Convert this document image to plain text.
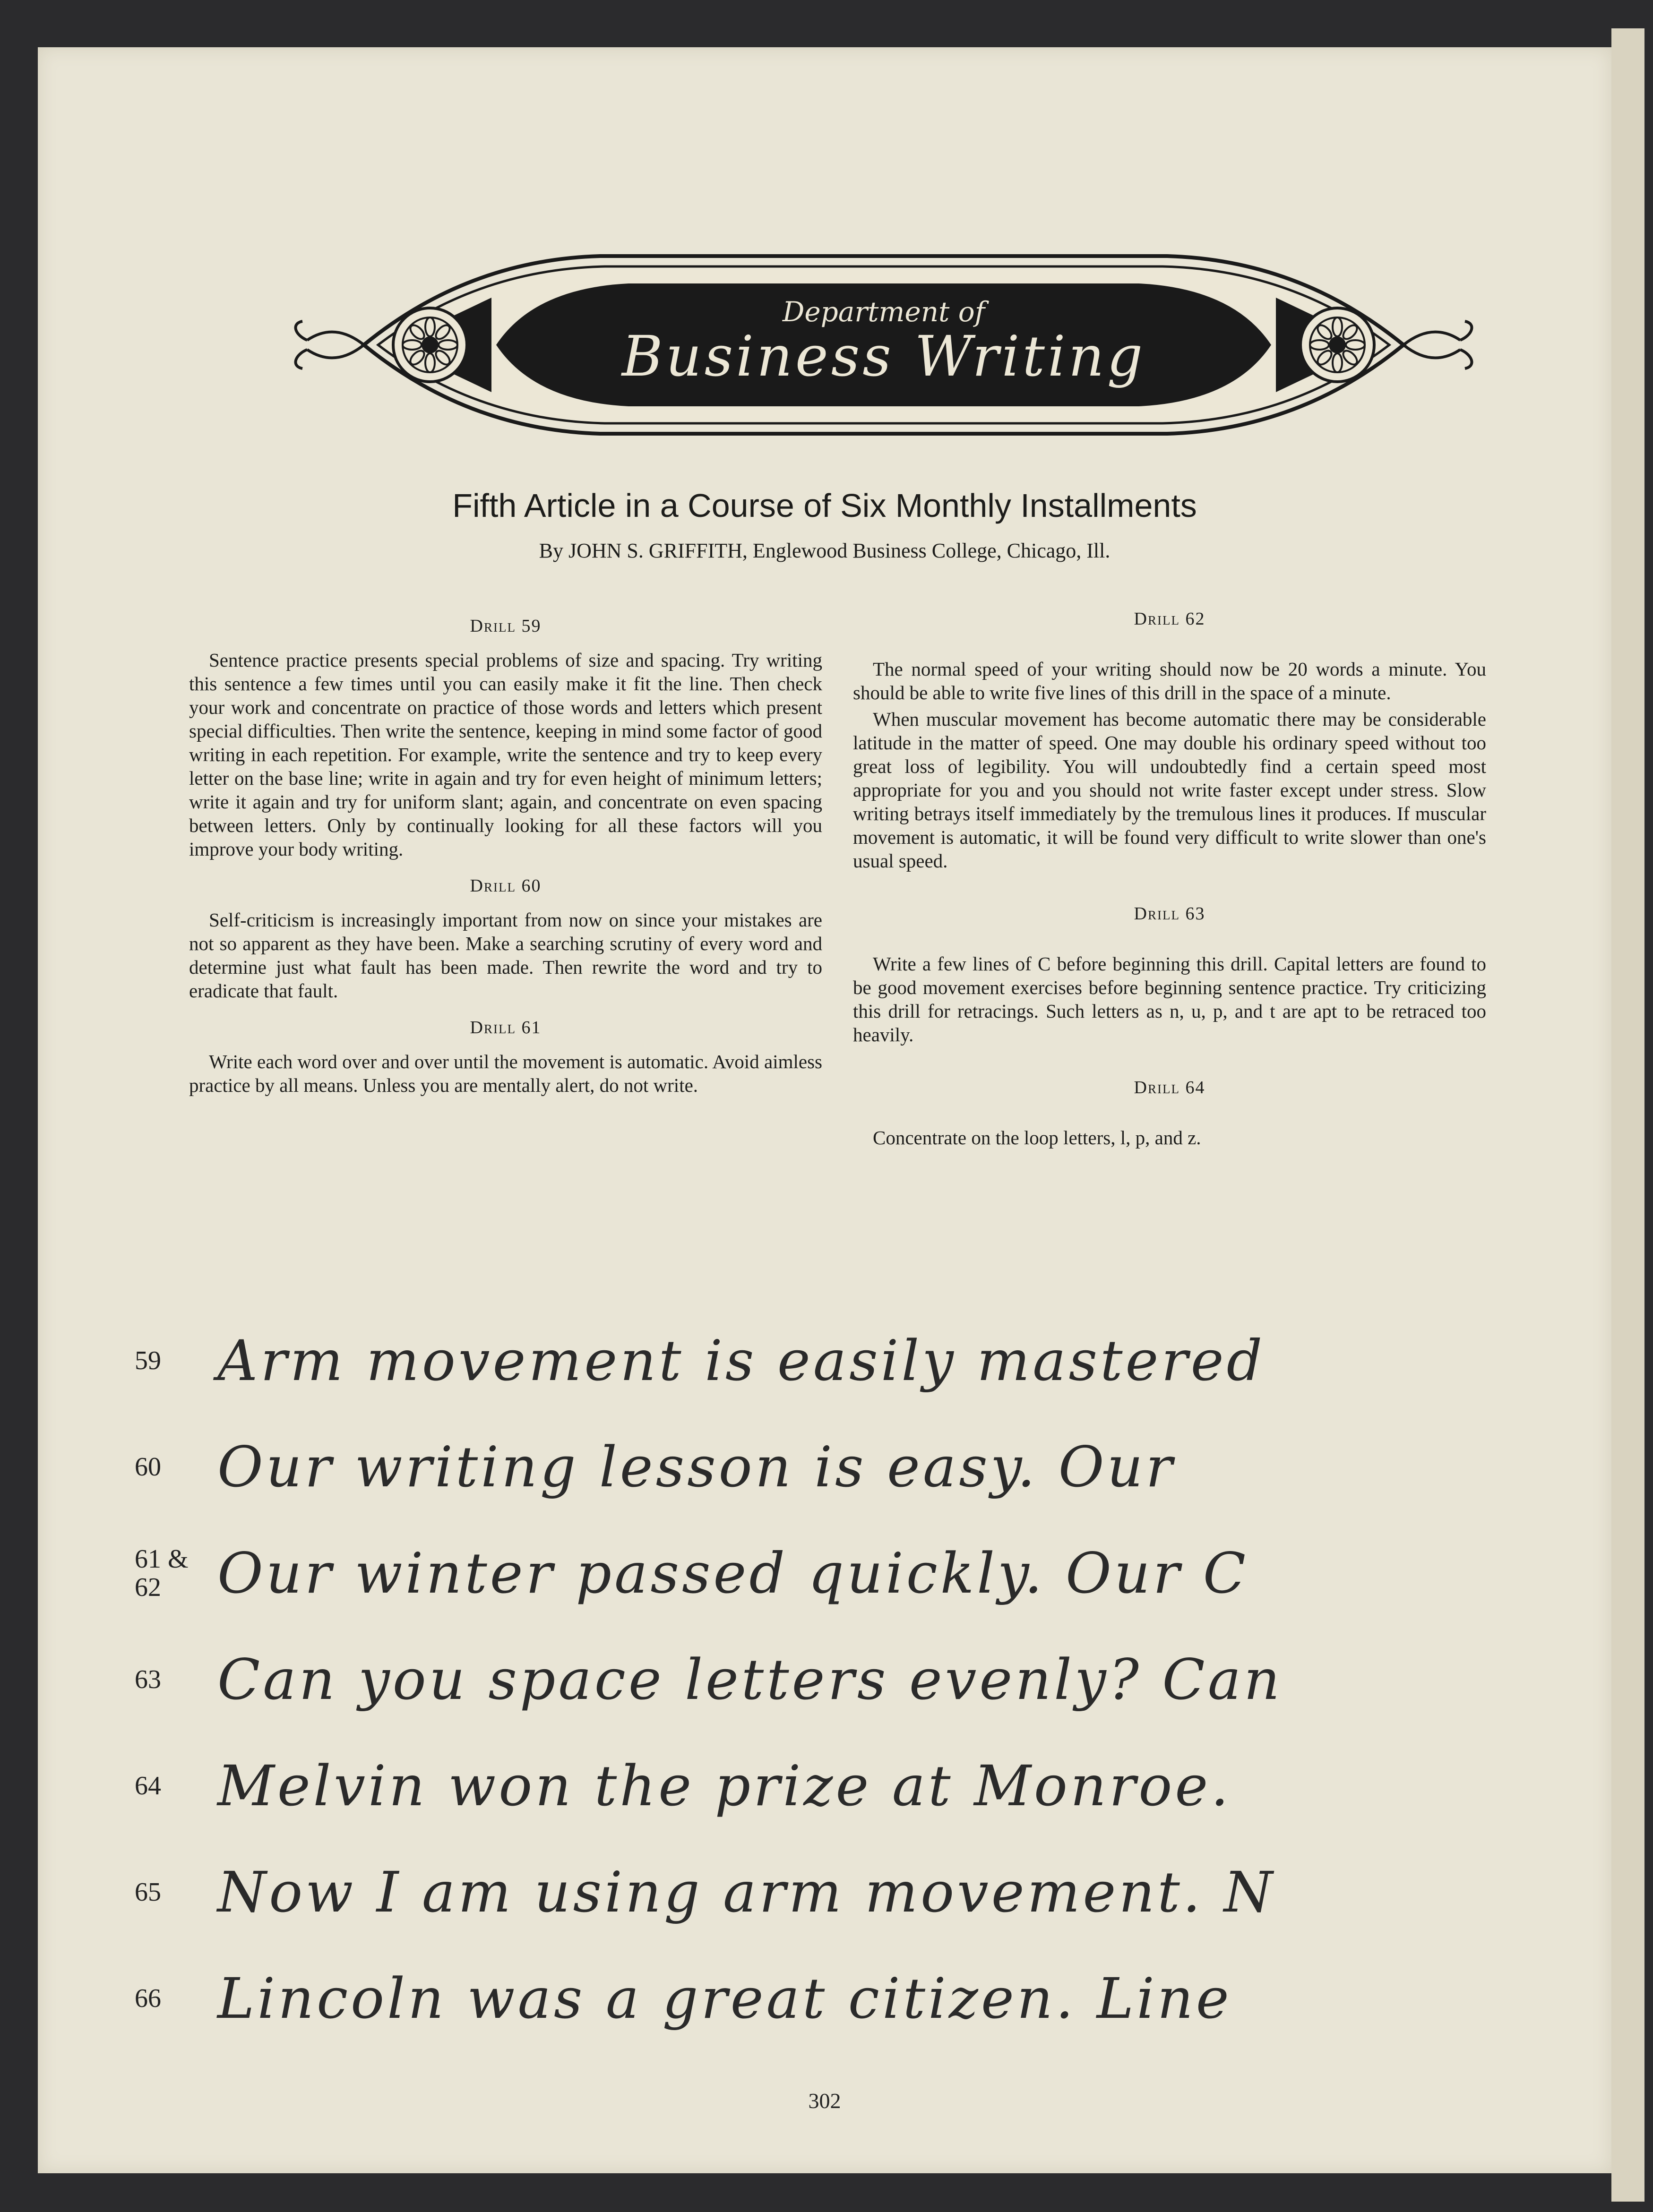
Department of
Business Writing
Fifth Article in a Course of Six Monthly Installments
By JOHN S. GRIFFITH, Englewood Business College, Chicago, Ill.
Drill 59

Sentence practice presents special problems of size and spacing. Try writing this sentence a few times until you can easily make it fit the line. Then check your work and concentrate on practice of those words and letters which present special difficulties. Then write the sentence, keeping in mind some factor of good writing in each repetition. For example, write the sentence and try to keep every letter on the base line; write in again and try for even height of minimum letters; write it again and try for uniform slant; again, and concentrate on even spacing between letters. Only by continually looking for all these factors will you improve your body writing.

Drill 60

Self-criticism is increasingly important from now on since your mistakes are not so apparent as they have been. Make a searching scrutiny of every word and determine just what fault has been made. Then rewrite the word and try to eradicate that fault.

Drill 61

Write each word over and over until the movement is automatic. Avoid aimless practice by all means. Unless you are mentally alert, do not write.

Drill 62

The normal speed of your writing should now be 20 words a minute. You should be able to write five lines of this drill in the space of a minute.

When muscular movement has become automatic there may be considerable latitude in the matter of speed. One may double his ordinary speed without too great loss of legibility. You will undoubtedly find a certain speed most appropriate for you and you should not write faster except under stress. Slow writing betrays itself immediately by the tremulous lines it produces. If muscular movement is automatic, it will be found very difficult to write slower than one's usual speed.

Drill 63

Write a few lines of C before beginning this drill. Capital letters are found to be good movement exercises before beginning sentence practice. Try criticizing this drill for retracings. Such letters as n, u, p, and t are apt to be retraced too heavily.

Drill 64

Concentrate on the loop letters, l, p, and z.

59	Arm movement is easily mastered
60	Our writing lesson is easy. Our
61 &
62	Our winter passed quickly. Our C
63	Can you space letters evenly? Can
64	Melvin won the prize at Monroe.
65	Now I am using arm movement. N
66	Lincoln was a great citizen. Line
302
